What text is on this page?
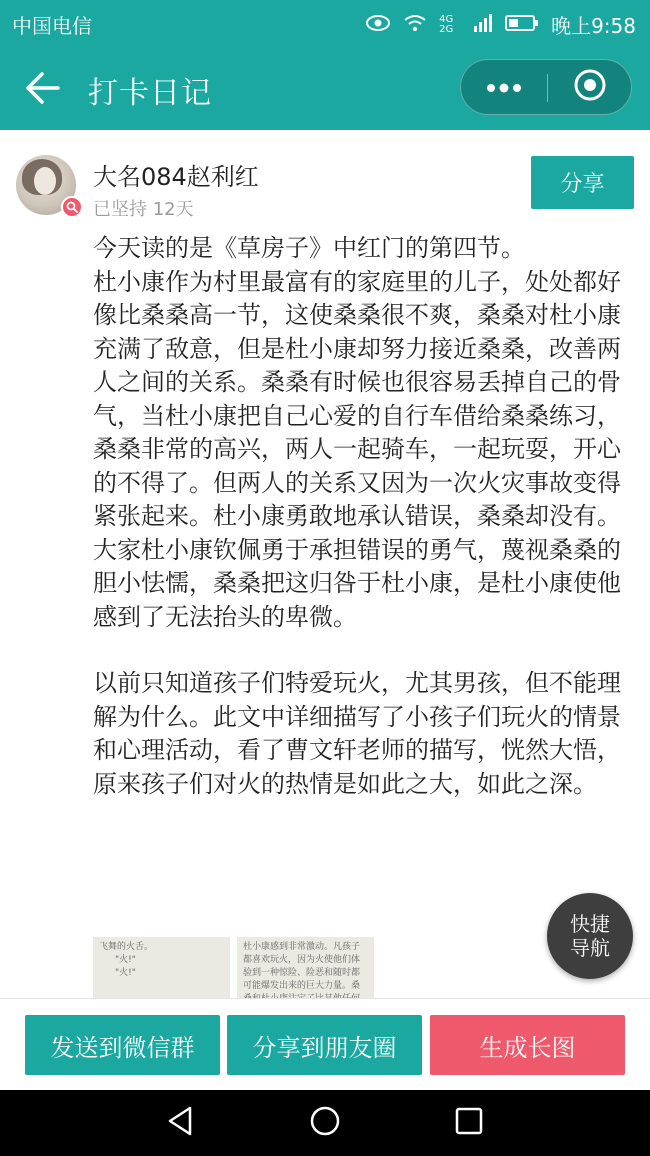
中国电信	4G 2G	晚上9:58
打卡日记
大名084赵利红
已坚持 12天
分享

今天读的是《草房子》中红门的第四节。
杜小康作为村里最富有的家庭里的儿子，处处都好像比桑桑高一节，这使桑桑很不爽，桑桑对杜小康充满了敌意，但是杜小康却努力接近桑桑，改善两人之间的关系。桑桑有时候也很容易丢掉自己的骨气，当杜小康把自己心爱的自行车借给桑桑练习，桑桑非常的高兴，两人一起骑车，一起玩耍，开心的不得了。但两人的关系又因为一次火灾事故变得紧张起来。杜小康勇敢地承认错误，桑桑却没有。大家杜小康钦佩勇于承担错误的勇气，蔑视桑桑的胆小怯懦，桑桑把这归咎于杜小康，是杜小康使他感到了无法抬头的卑微。

以前只知道孩子们特爱玩火，尤其男孩，但不能理解为什么。此文中详细描写了小孩子们玩火的情景和心理活动，看了曹文轩老师的描写，恍然大悟，原来孩子们对火的热情是如此之大，如此之深。

飞舞的火舌。
"火!"
"火!"
杜小康感到非常激动。凡孩子都喜欢玩火，因为火使他们体验到一种惊险、险恶和随时都可能爆发出来的巨大力量。桑
快捷
导航
发送到微信群	分享到朋友圈	生成长图
